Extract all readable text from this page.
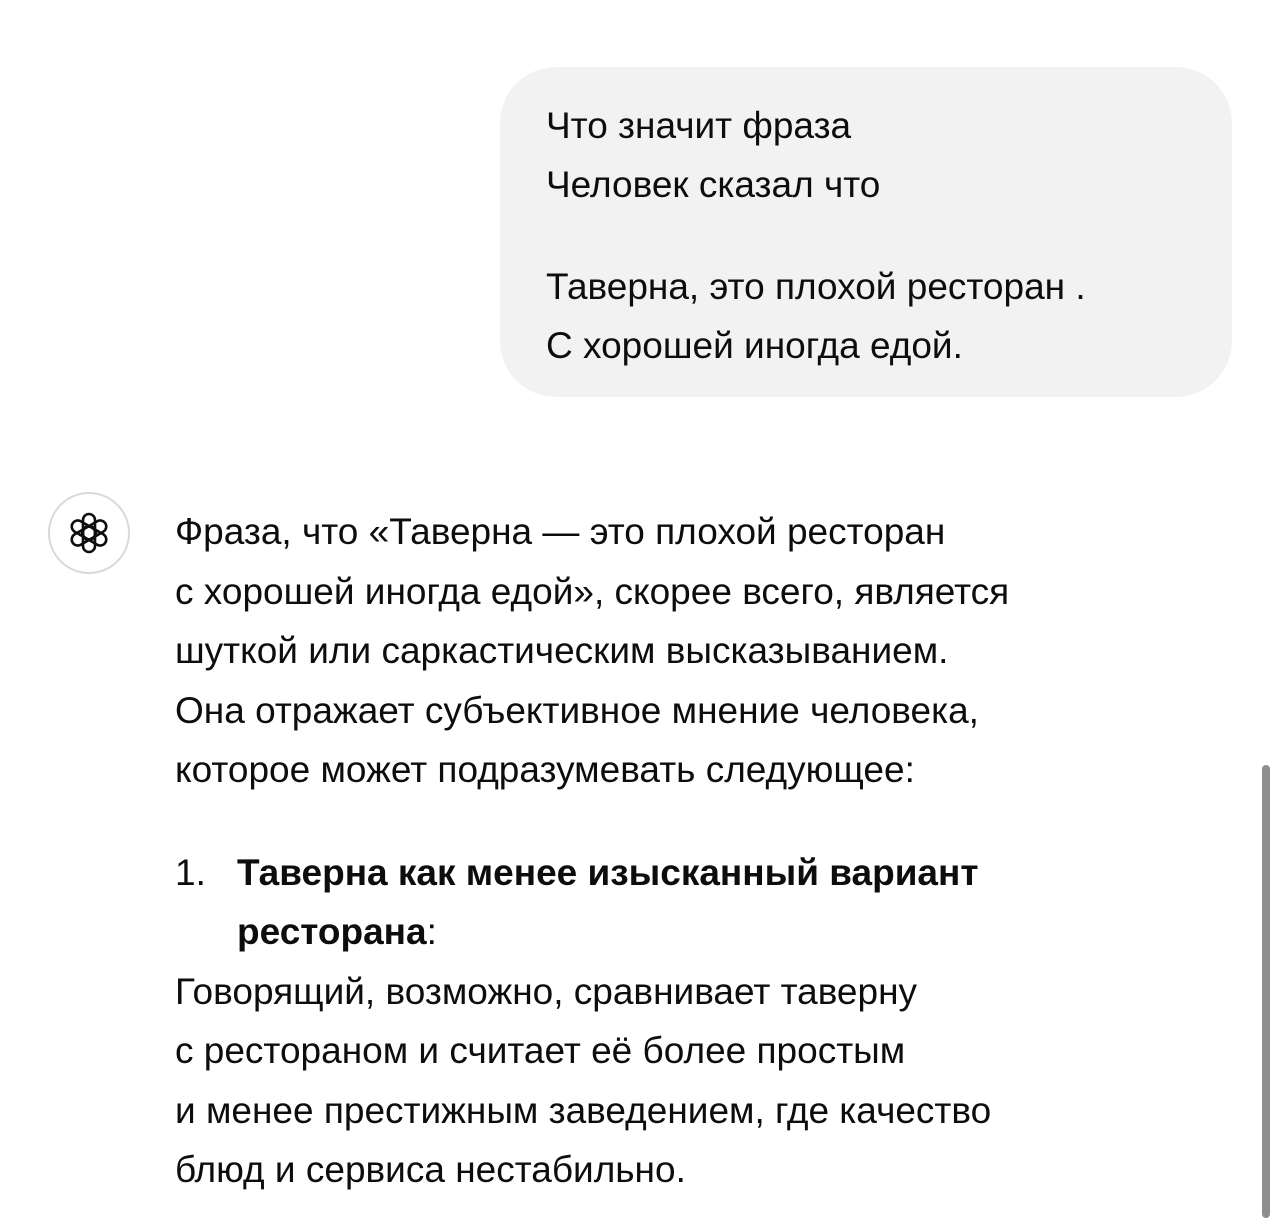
Что значит фраза
Человек сказал что
Таверна, это плохой ресторан .
С хорошей иногда едой.
Фраза, что «Таверна — это плохой ресторан
с хорошей иногда едой», скорее всего, является
шуткой или саркастическим высказыванием.
Она отражает субъективное мнение человека,
которое может подразумевать следующее:
1. Таверна как менее изысканный вариант
ресторана:
Говорящий, возможно, сравнивает таверну
с рестораном и считает её более простым
и менее престижным заведением, где качество
блюд и сервиса нестабильно.
